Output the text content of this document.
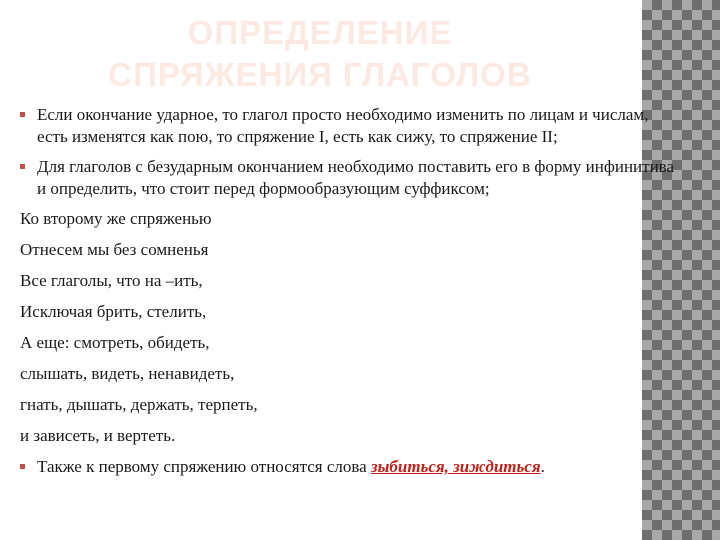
ОПРЕДЕЛЕНИЕ
СПРЯЖЕНИЯ ГЛАГОЛОВ
Если окончание ударное, то глагол просто необходимо изменить по лицам и числам, есть изменятся как пою, то спряжение I, есть как сижу, то спряжение II;
Для глаголов с безударным окончанием необходимо поставить его в форму инфинитива и определить, что стоит перед формообразующим суффиксом;
Ко второму же спряженью
Отнесем мы без сомненья
Все глаголы, что на –ить,
Исключая брить, стелить,
А еще: смотреть, обидеть,
слышать, видеть, ненавидеть,
гнать, дышать, держать, терпеть,
и зависеть, и вертеть.
Также к первому спряжению относятся слова зыбиться, зиждиться.
